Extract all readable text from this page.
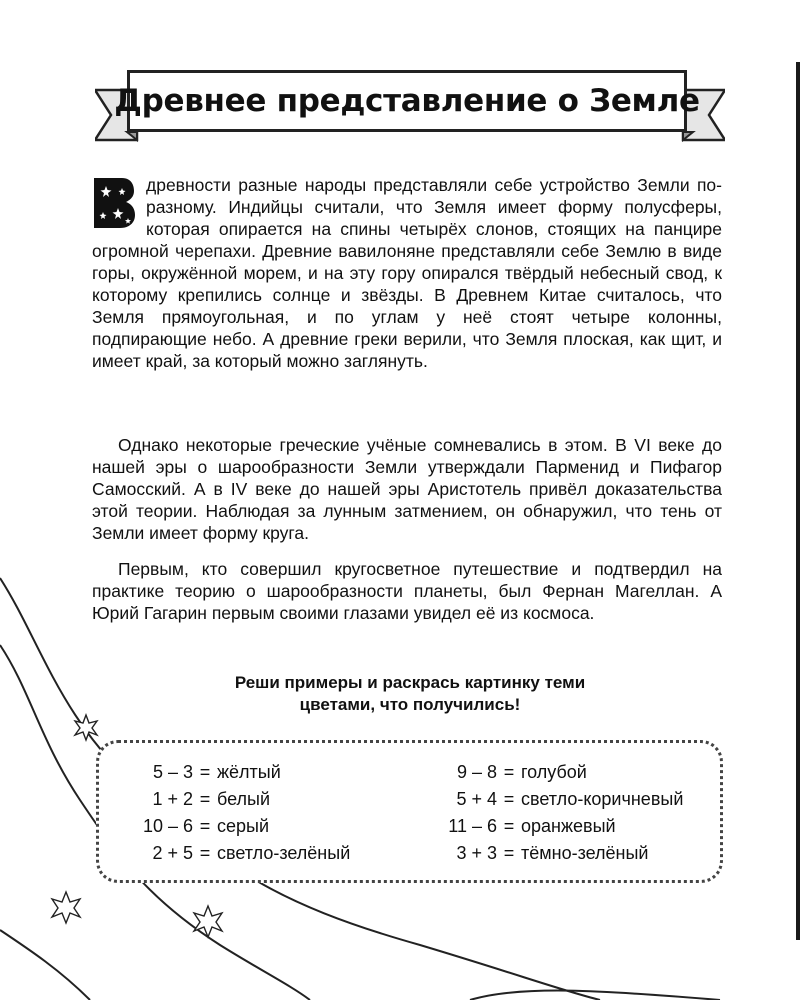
Древнее представление о Земле

древности разные народы представляли себе устройство Земли по-разному. Индийцы считали, что Земля имеет форму полусферы, которая опирается на спины четырёх слонов, стоящих на панцире огромной черепахи. Древние вавилоняне представляли себе Землю в виде горы, окружённой морем, и на эту гору опирался твёрдый небесный свод, к которому крепились солнце и звёзды. В Древнем Китае считалось, что Земля прямоугольная, и по углам у неё стоят четыре колонны, подпирающие небо. А древние греки верили, что Земля плоская, как щит, и имеет край, за который можно заглянуть.

Однако некоторые греческие учёные сомневались в этом. В VI веке до нашей эры о шарообразности Земли утверждали Парменид и Пифагор Самосский. А в IV веке до нашей эры Аристотель привёл доказательства этой теории. Наблюдая за лунным затмением, он обнаружил, что тень от Земли имеет форму круга.

Первым, кто совершил кругосветное путешествие и подтвердил на практике теорию о шарообразности планеты, был Фернан Магеллан. А Юрий Гагарин первым своими глазами увидел её из космоса.

Реши примеры и раскрась картинку теми
цветами, что получились!
5 – 3 = жёлтый
1 + 2 = белый
10 – 6 = серый
2 + 5 = светло-зелёный
9 – 8 = голубой
5 + 4 = светло-коричневый
11 – 6 = оранжевый
3 + 3 = тёмно-зелёный
